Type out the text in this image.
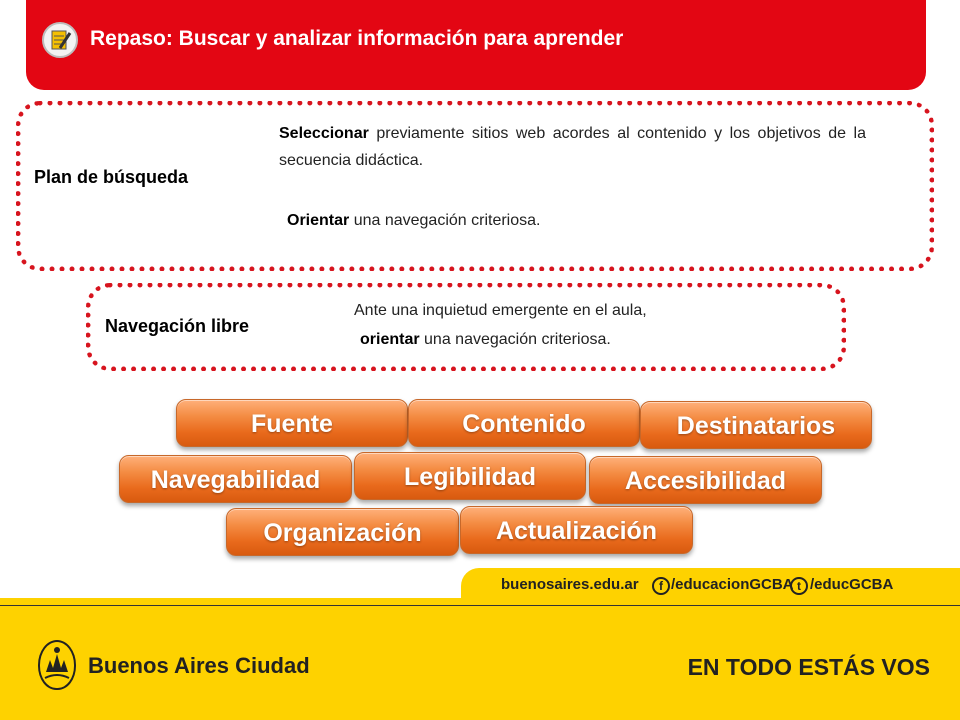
Repaso: Buscar y analizar información para aprender
Plan de búsqueda
Seleccionar previamente sitios web acordes al contenido y los objetivos de la secuencia didáctica.
Orientar una navegación criteriosa.
Navegación libre
Ante una inquietud emergente en el aula,
orientar una navegación criteriosa.
Fuente	Contenido	Destinatarios
Navegabilidad	Legibilidad	Accesibilidad
Organización	Actualización
buenosaires.edu.ar	f /educacionGCBA t /educGCBA
Buenos Aires Ciudad	EN TODO ESTÁS VOS
